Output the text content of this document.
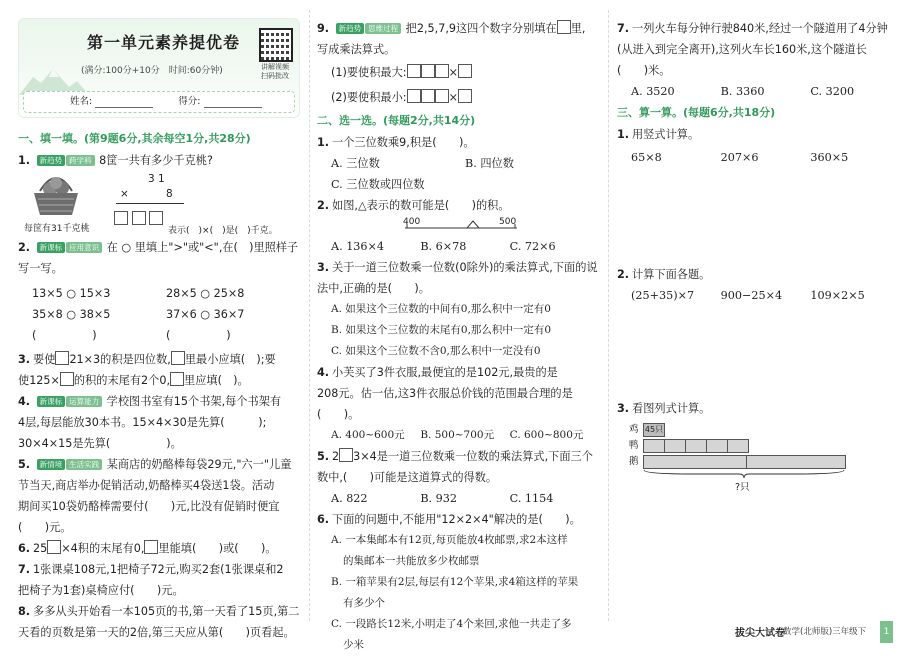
第一单元素养提优卷
(满分:100分+10分　时间:60分钟)	讲解视频
扫码批改
姓名:	得分:
一、填一填。(第9题6分,其余每空1分,共28分)
1. 新趋势 跨学科 8筐一共有多少千克桃?
每筐有31千克桃
3 1
×	8

表示(　)×(　)是(　)千克。
2. 新课标 应用意识 在 ○ 里填上">"或"<",在(　)里照样子写一写。
13×5 ○ 15×3	28×5 ○ 25×8
35×8 ○ 38×5	37×6 ○ 36×7
(　　　　　)	(　　　　　)
3. 要使 21×3的积是四位数, 里最小应填(　);要
使125× 的积的末尾有2个0, 里应填(　)。
4. 新课标 运算能力 学校图书室有15个书架,每个书架有
4层,每层能放30本书。15×4×30是先算(　　　);
30×4×15是先算(　　　　　)。
5. 新情境 生活实践 某商店的奶酪棒每袋29元,"六一"儿童
节当天,商店举办促销活动,奶酪棒买4袋送1袋。活动
期间买10袋奶酪棒需要付(　　)元,比没有促销时便宜
(　　)元。
6. 25 ×4积的末尾有0, 里能填(　　)或(　　)。
7. 1张课桌108元,1把椅子72元,购买2套(1张课桌和2
把椅子为1套)桌椅应付(　　)元。
8. 多多从头开始看一本105页的书,第一天看了15页,第二
天看的页数是第一天的2倍,第三天应从第(　　)页看起。
9. 新趋势 思维过程 把2,5,7,9这四个数字分别填在 里,
写成乘法算式。
(1)要使积最大:	×
(2)要使积最小:	×
二、选一选。(每题2分,共14分)
1. 一个三位数乘9,积是(　　)。
A. 三位数	B. 四位数
C. 三位数或四位数
2. 如图,△表示的数可能是(　　)的积。
400	500
A. 136×4	B. 6×78	C. 72×6
3. 关于一道三位数乘一位数(0除外)的乘法算式,下面的说
法中,正确的是(　　)。
A. 如果这个三位数的中间有0,那么积中一定有0
B. 如果这个三位数的末尾有0,那么积中一定有0
C. 如果这个三位数不含0,那么积中一定没有0
4. 小芙买了3件衣服,最便宜的是102元,最贵的是
208元。估一估,这3件衣服总价钱的范围最合理的是
(　　)。
A. 400~600元	B. 500~700元	C. 600~800元
5. 2 3×4是一道三位数乘一位数的乘法算式,下面三个
数中,(　　)可能是这道算式的得数。
A. 822	B. 932	C. 1154
6. 下面的问题中,不能用"12×2×4"解决的是(　　)。
A. 一本集邮本有12页,每页能放4枚邮票,求2本这样
的集邮本一共能放多少枚邮票
B. 一箱苹果有2层,每层有12个苹果,求4箱这样的苹果
有多少个
C. 一段路长12米,小明走了4个来回,求他一共走了多
少米
7. 一列火车每分钟行驶840米,经过一个隧道用了4分钟
(从进入到完全离开),这列火车长160米,这个隧道长
(　　)米。
A. 3520	B. 3360	C. 3200
三、算一算。(每题6分,共18分)
1. 用竖式计算。
65×8	207×6	360×5
2. 计算下面各题。
(25+35)×7	900−25×4	109×2×5
3. 看图列式计算。
鸡
鸭
鹅
45只
?只
拔尖大试卷
数学(北师版)三年级下	1
